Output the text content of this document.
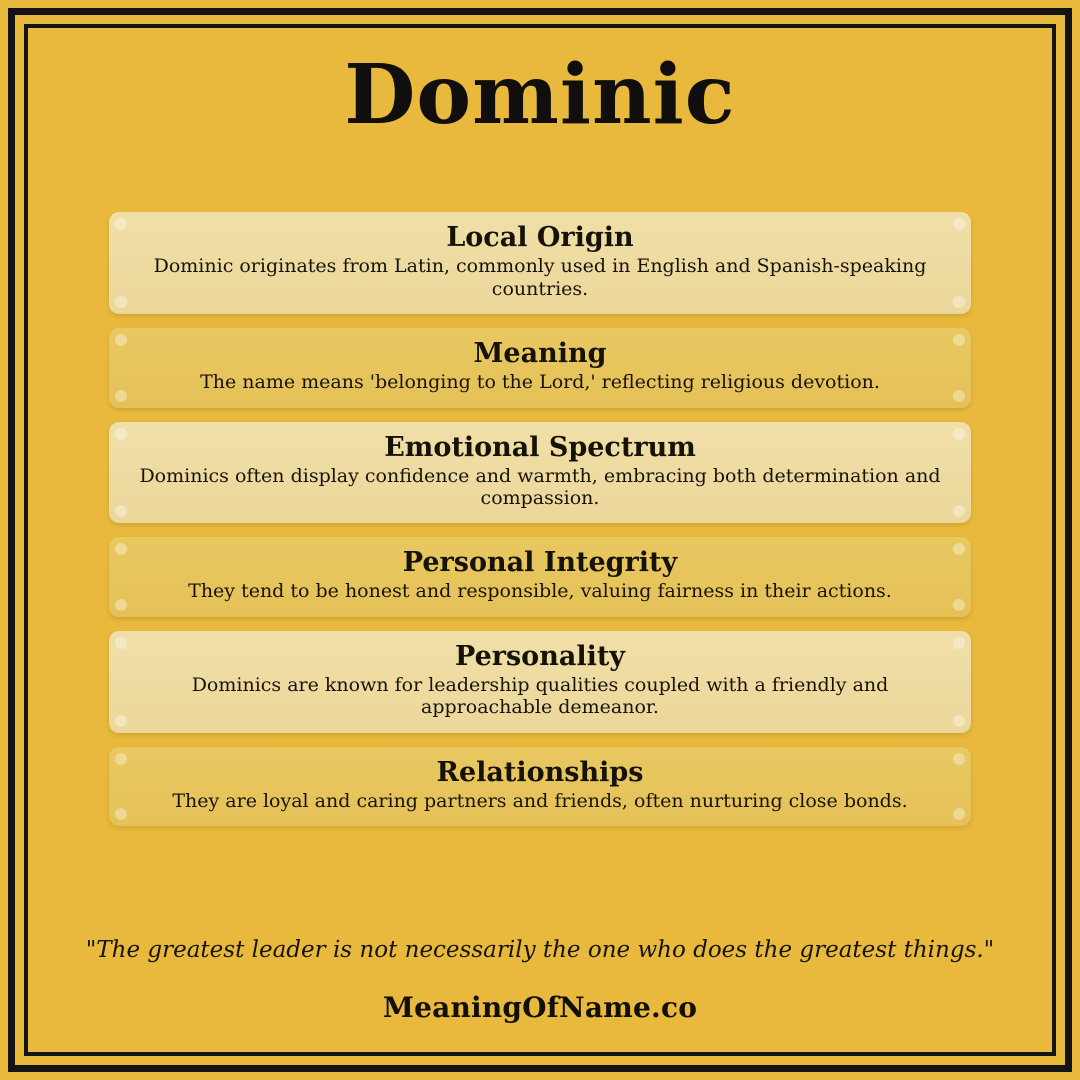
Dominic

Local Origin

Dominic originates from Latin, commonly used in English and Spanish-speaking countries.

Meaning

The name means 'belonging to the Lord,' reflecting religious devotion.

Emotional Spectrum

Dominics often display confidence and warmth, embracing both determination and compassion.

Personal Integrity

They tend to be honest and responsible, valuing fairness in their actions.

Personality

Dominics are known for leadership qualities coupled with a friendly and approachable demeanor.

Relationships

They are loyal and caring partners and friends, often nurturing close bonds.

"The greatest leader is not necessarily the one who does the greatest things."

MeaningOfName.co
